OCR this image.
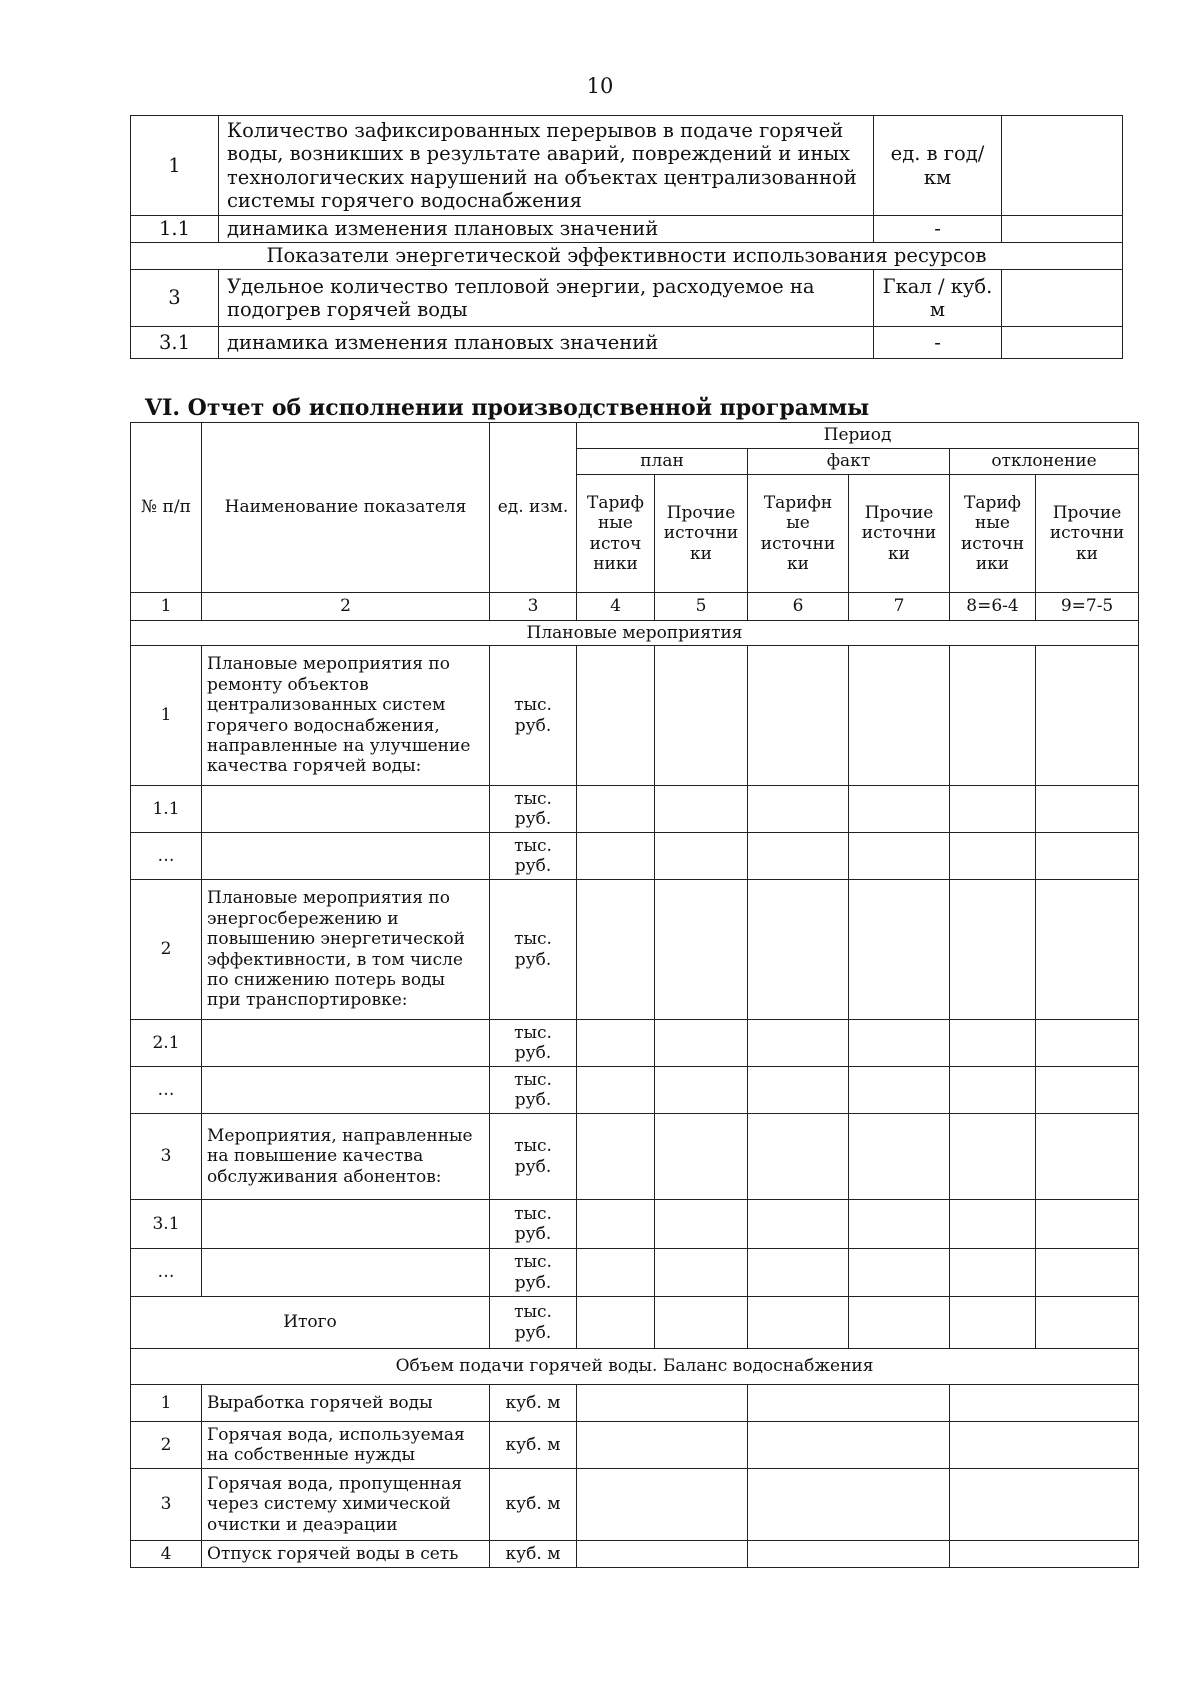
10
1	Количество зафиксированных перерывов в подаче горячей воды, возникших в результате аварий, повреждений и иных технологических нарушений на объектах централизованной системы горячего водоснабжения	ед. в год/ км	
1.1	динамика изменения плановых значений	-	
Показатели энергетической эффективности использования ресурсов			
3	Удельное количество тепловой энергии, расходуемое на подогрев горячей воды	Гкал / куб. м	
3.1	динамика изменения плановых значений	-	
VI. Отчет об исполнении производственной программы
№ п/п	Наименование показателя	ед. изм.	Период					
			план		факт		отклонение	
			Тариф ные источ ники	Прочие источни ки	Тарифн ые источни ки	Прочие источни ки	Тариф ные источн ики	Прочие источни ки
1	2	3	4	5	6	7	8=6-4	9=7-5
Плановые мероприятия								
1	Плановые мероприятия по ремонту объектов централизованных систем горячего водоснабжения, направленные на улучшение качества горячей воды:	тыс. руб.						
1.1		тыс. руб.						
…		тыс. руб.						
2	Плановые мероприятия по энергосбережению и повышению энергетической эффективности, в том числе по снижению потерь воды при транспортировке:	тыс. руб.						
2.1		тыс. руб.						
…		тыс. руб.						
3	Мероприятия, направленные на повышение качества обслуживания абонентов:	тыс. руб.						
3.1		тыс. руб.						
…		тыс. руб.						
Итого		тыс. руб.						
Объем подачи горячей воды. Баланс водоснабжения								
1	Выработка горячей воды	куб. м						
2	Горячая вода, используемая на собственные нужды	куб. м						
3	Горячая вода, пропущенная через систему химической очистки и деаэрации	куб. м						
4	Отпуск горячей воды в сеть	куб. м						
